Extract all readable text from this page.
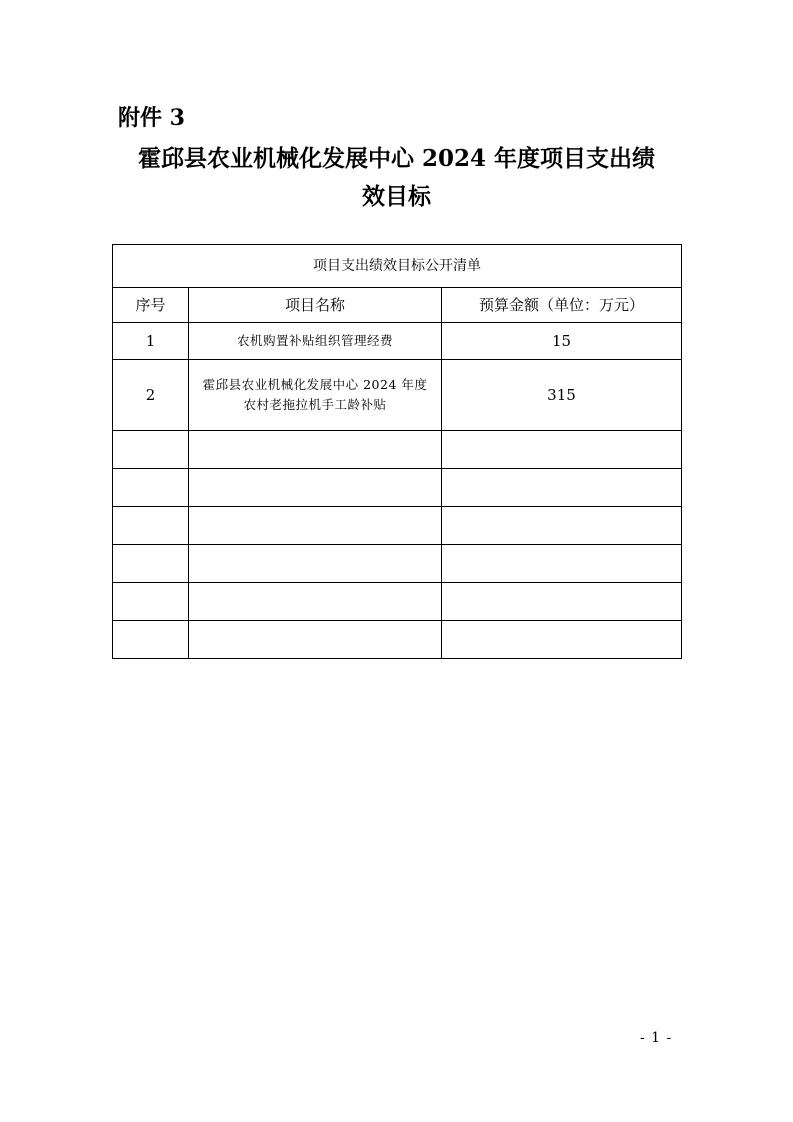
附件 3
霍邱县农业机械化发展中心 2024 年度项目支出绩
效目标
项目支出绩效目标公开清单		
序号	项目名称	预算金额（单位：万元）
1	农机购置补贴组织管理经费	15
2	霍邱县农业机械化发展中心 2024 年度
农村老拖拉机手工龄补贴	315

- 1 -
